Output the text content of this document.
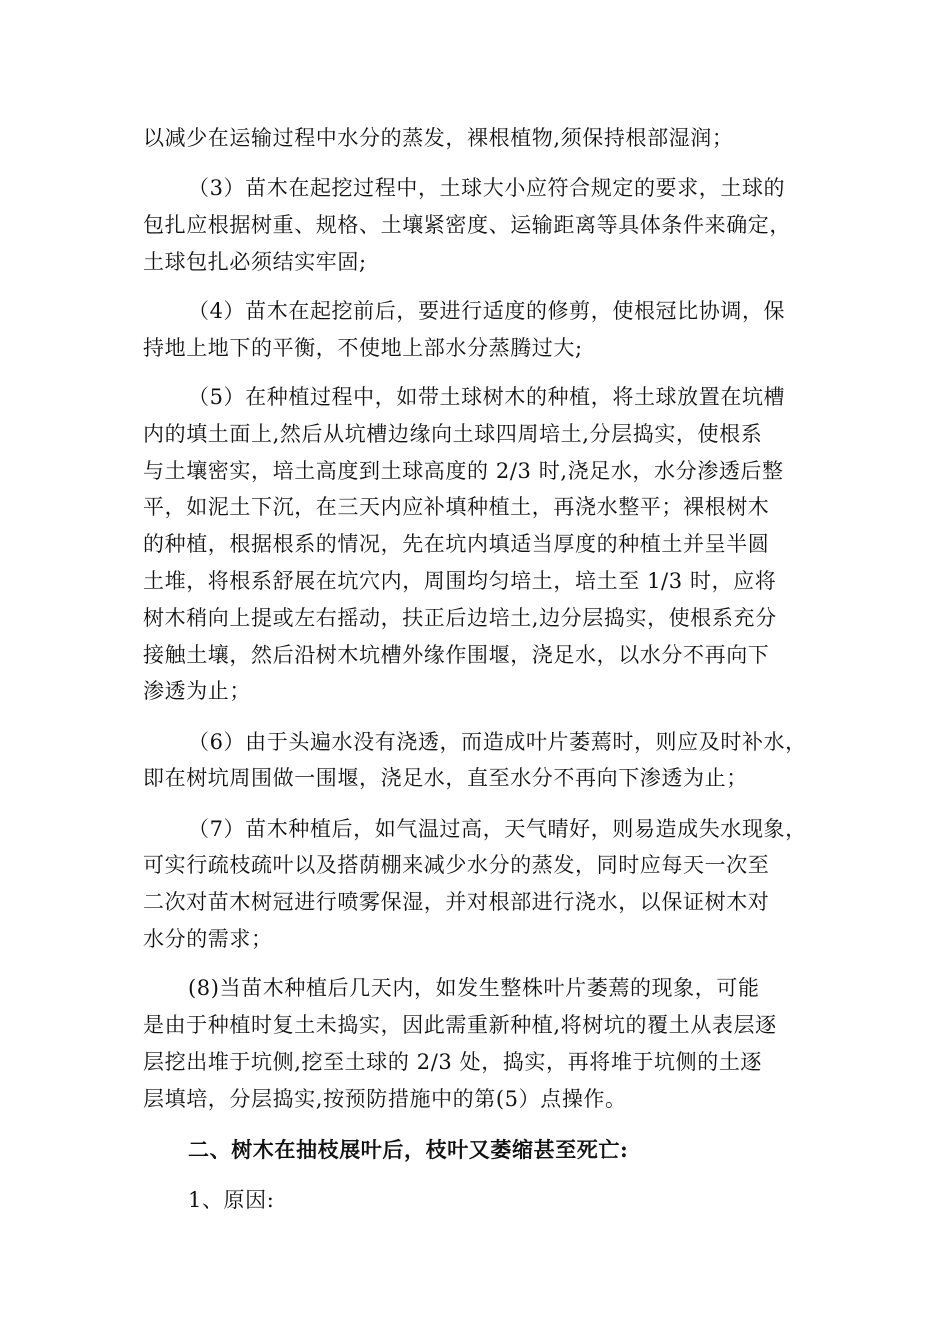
以减少在运输过程中水分的蒸发，裸根植物,须保持根部湿润；
（3）苗木在起挖过程中，土球大小应符合规定的要求，土球的
包扎应根据树重、规格、土壤紧密度、运输距离等具体条件来确定，
土球包扎必须结实牢固;
（4）苗木在起挖前后，要进行适度的修剪，使根冠比协调，保
持地上地下的平衡，不使地上部水分蒸腾过大;
（5）在种植过程中，如带土球树木的种植，将土球放置在坑槽
内的填土面上,然后从坑槽边缘向土球四周培土,分层捣实，使根系
与土壤密实，培土高度到土球高度的 2/3 时,浇足水，水分渗透后整
平，如泥土下沉，在三天内应补填种植土，再浇水整平；裸根树木
的种植，根据根系的情况，先在坑内填适当厚度的种植土并呈半圆
土堆，将根系舒展在坑穴内，周围均匀培土，培土至 1/3 时，应将
树木稍向上提或左右摇动，扶正后边培土,边分层捣实，使根系充分
接触土壤，然后沿树木坑槽外缘作围堰，浇足水，以水分不再向下
渗透为止；
（6）由于头遍水没有浇透，而造成叶片萎蔫时，则应及时补水，
即在树坑周围做一围堰，浇足水，直至水分不再向下渗透为止；
（7）苗木种植后，如气温过高，天气晴好，则易造成失水现象，
可实行疏枝疏叶以及搭荫棚来减少水分的蒸发，同时应每天一次至
二次对苗木树冠进行喷雾保湿，并对根部进行浇水，以保证树木对
水分的需求；
(8)当苗木种植后几天内，如发生整株叶片萎蔫的现象，可能
是由于种植时复土未捣实，因此需重新种植,将树坑的覆土从表层逐
层挖出堆于坑侧,挖至土球的 2/3 处，捣实，再将堆于坑侧的土逐
层填培，分层捣实,按预防措施中的第(5）点操作。
二、树木在抽枝展叶后，枝叶又萎缩甚至死亡:
1、原因:
